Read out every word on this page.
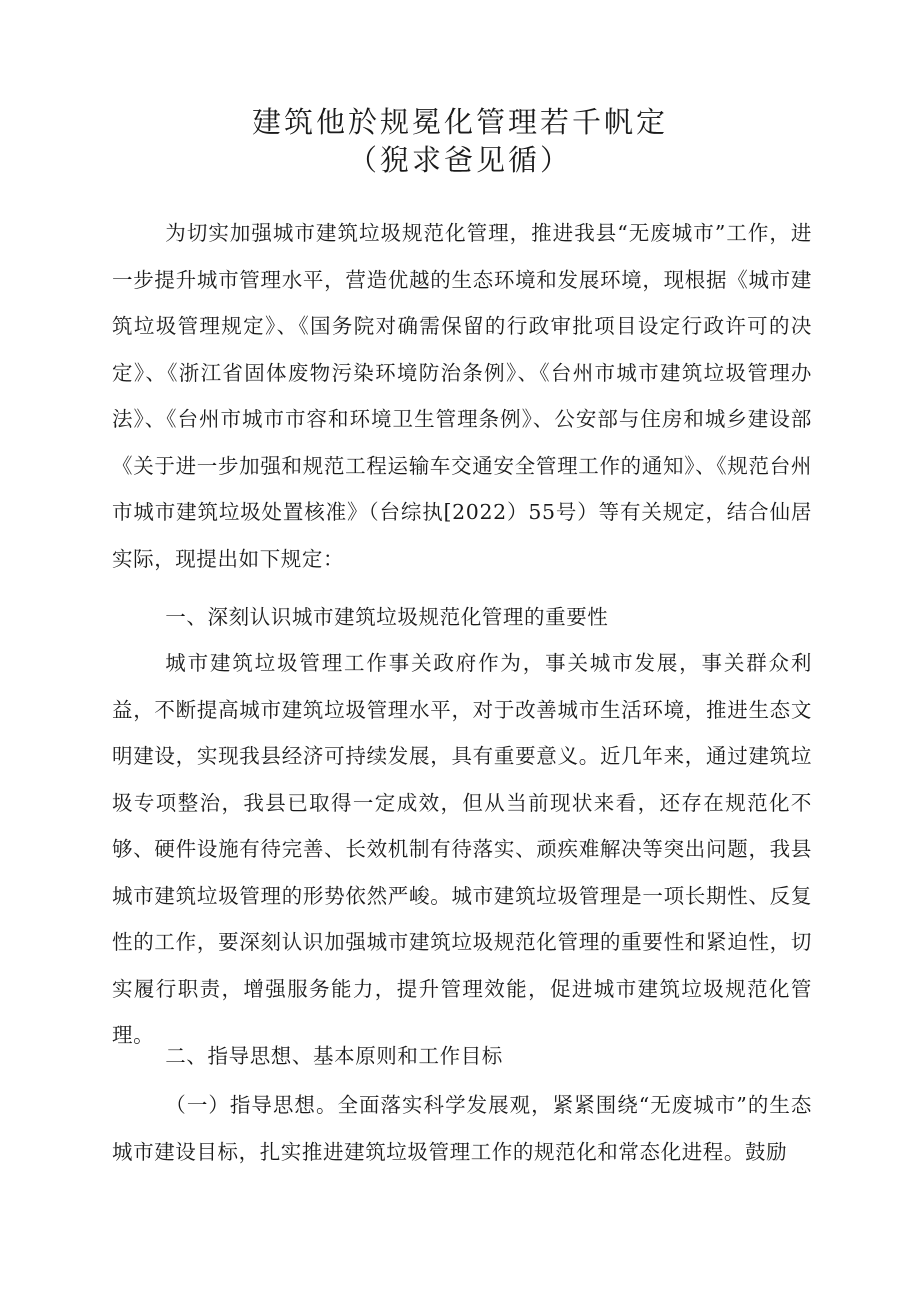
建筑他於规冕化管理若千帆定
（猊求爸见循）
为切实加强城市建筑垃圾规范化管理，推进我县“无废城市”工作，进一步提升城市管理水平，营造优越的生态环境和发展环境，现根据《城市建筑垃圾管理规定》、《国务院对确需保留的行政审批项目设定行政许可的决定》、《浙江省固体废物污染环境防治条例》、《台州市城市建筑垃圾管理办法》、《台州市城市市容和环境卫生管理条例》、公安部与住房和城乡建设部《关于进一步加强和规范工程运输车交通安全管理工作的通知》、《规范台州市城市建筑垃圾处置核准》（台综执[2022）55号）等有关规定，结合仙居实际，现提出如下规定：
一、深刻认识城市建筑垃圾规范化管理的重要性
城市建筑垃圾管理工作事关政府作为，事关城市发展，事关群众利益，不断提高城市建筑垃圾管理水平，对于改善城市生活环境，推进生态文明建设，实现我县经济可持续发展，具有重要意义。近几年来，通过建筑垃圾专项整治，我县已取得一定成效，但从当前现状来看，还存在规范化不够、硬件设施有待完善、长效机制有待落实、顽疾难解决等突出问题，我县城市建筑垃圾管理的形势依然严峻。城市建筑垃圾管理是一项长期性、反复性的工作，要深刻认识加强城市建筑垃圾规范化管理的重要性和紧迫性，切实履行职责，增强服务能力，提升管理效能，促进城市建筑垃圾规范化管理。
二、指导思想、基本原则和工作目标
（一）指导思想。全面落实科学发展观，紧紧围绕“无废城市”的生态城市建设目标，扎实推进建筑垃圾管理工作的规范化和常态化进程。鼓励
